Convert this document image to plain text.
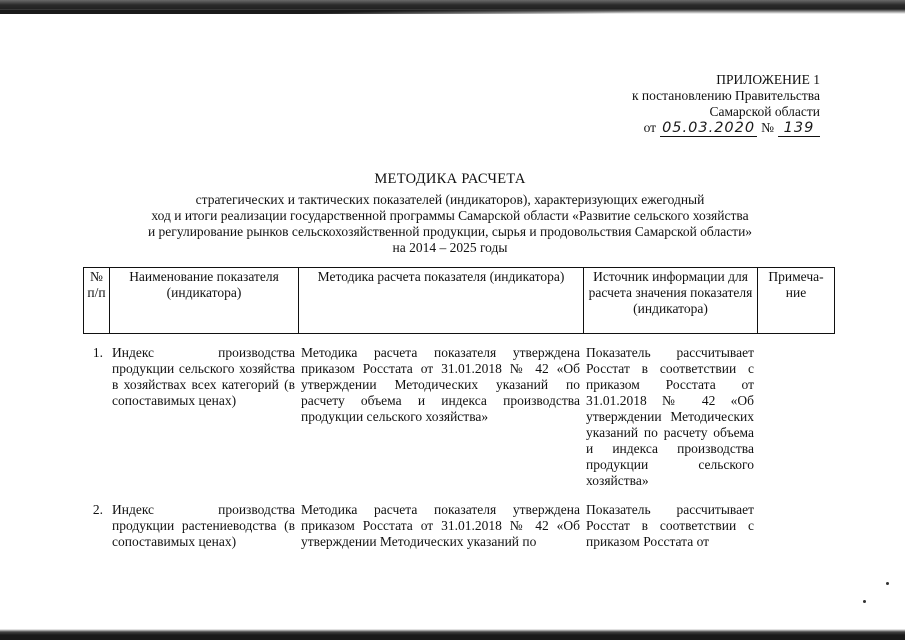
ПРИЛОЖЕНИЕ 1
к постановлению Правительства
Самарской области
от 05.03.2020 № 139
МЕТОДИКА РАСЧЕТА
стратегических и тактических показателей (индикаторов), характеризующих ежегодный
ход и итоги реализации государственной программы Самарской области «Развитие сельского хозяйства
и регулирование рынков сельскохозяйственной продукции, сырья и продовольствия Самарской области»
на 2014 – 2025 годы
№ п/п	Наименование показателя (индикатора)	Методика расчета показателя (индикатора)	Источник информации для расчета значения показателя (индикатора)	Примеча-ние
1.	Индекс производства продукции сельского хозяйства в хозяйствах всех категорий (в сопоставимых ценах)	Методика расчета показателя утверждена приказом Росстата от 31.01.2018 № 42 «Об утверждении Методических указаний по расчету объема и индекса производства продукции сельского хозяйства»	Показатель рассчитывает Росстат в соответствии с приказом Росстата от 31.01.2018 № 42 «Об утверждении Методических указаний по расчету объема и индекса производства продукции сельского хозяйства»	
2.	Индекс производства продукции растениеводства (в сопоставимых ценах)	Методика расчета показателя утверждена приказом Росстата от 31.01.2018 № 42 «Об утверждении Методических указаний по	Показатель рассчитывает Росстат в соответствии с приказом Росстата от	
